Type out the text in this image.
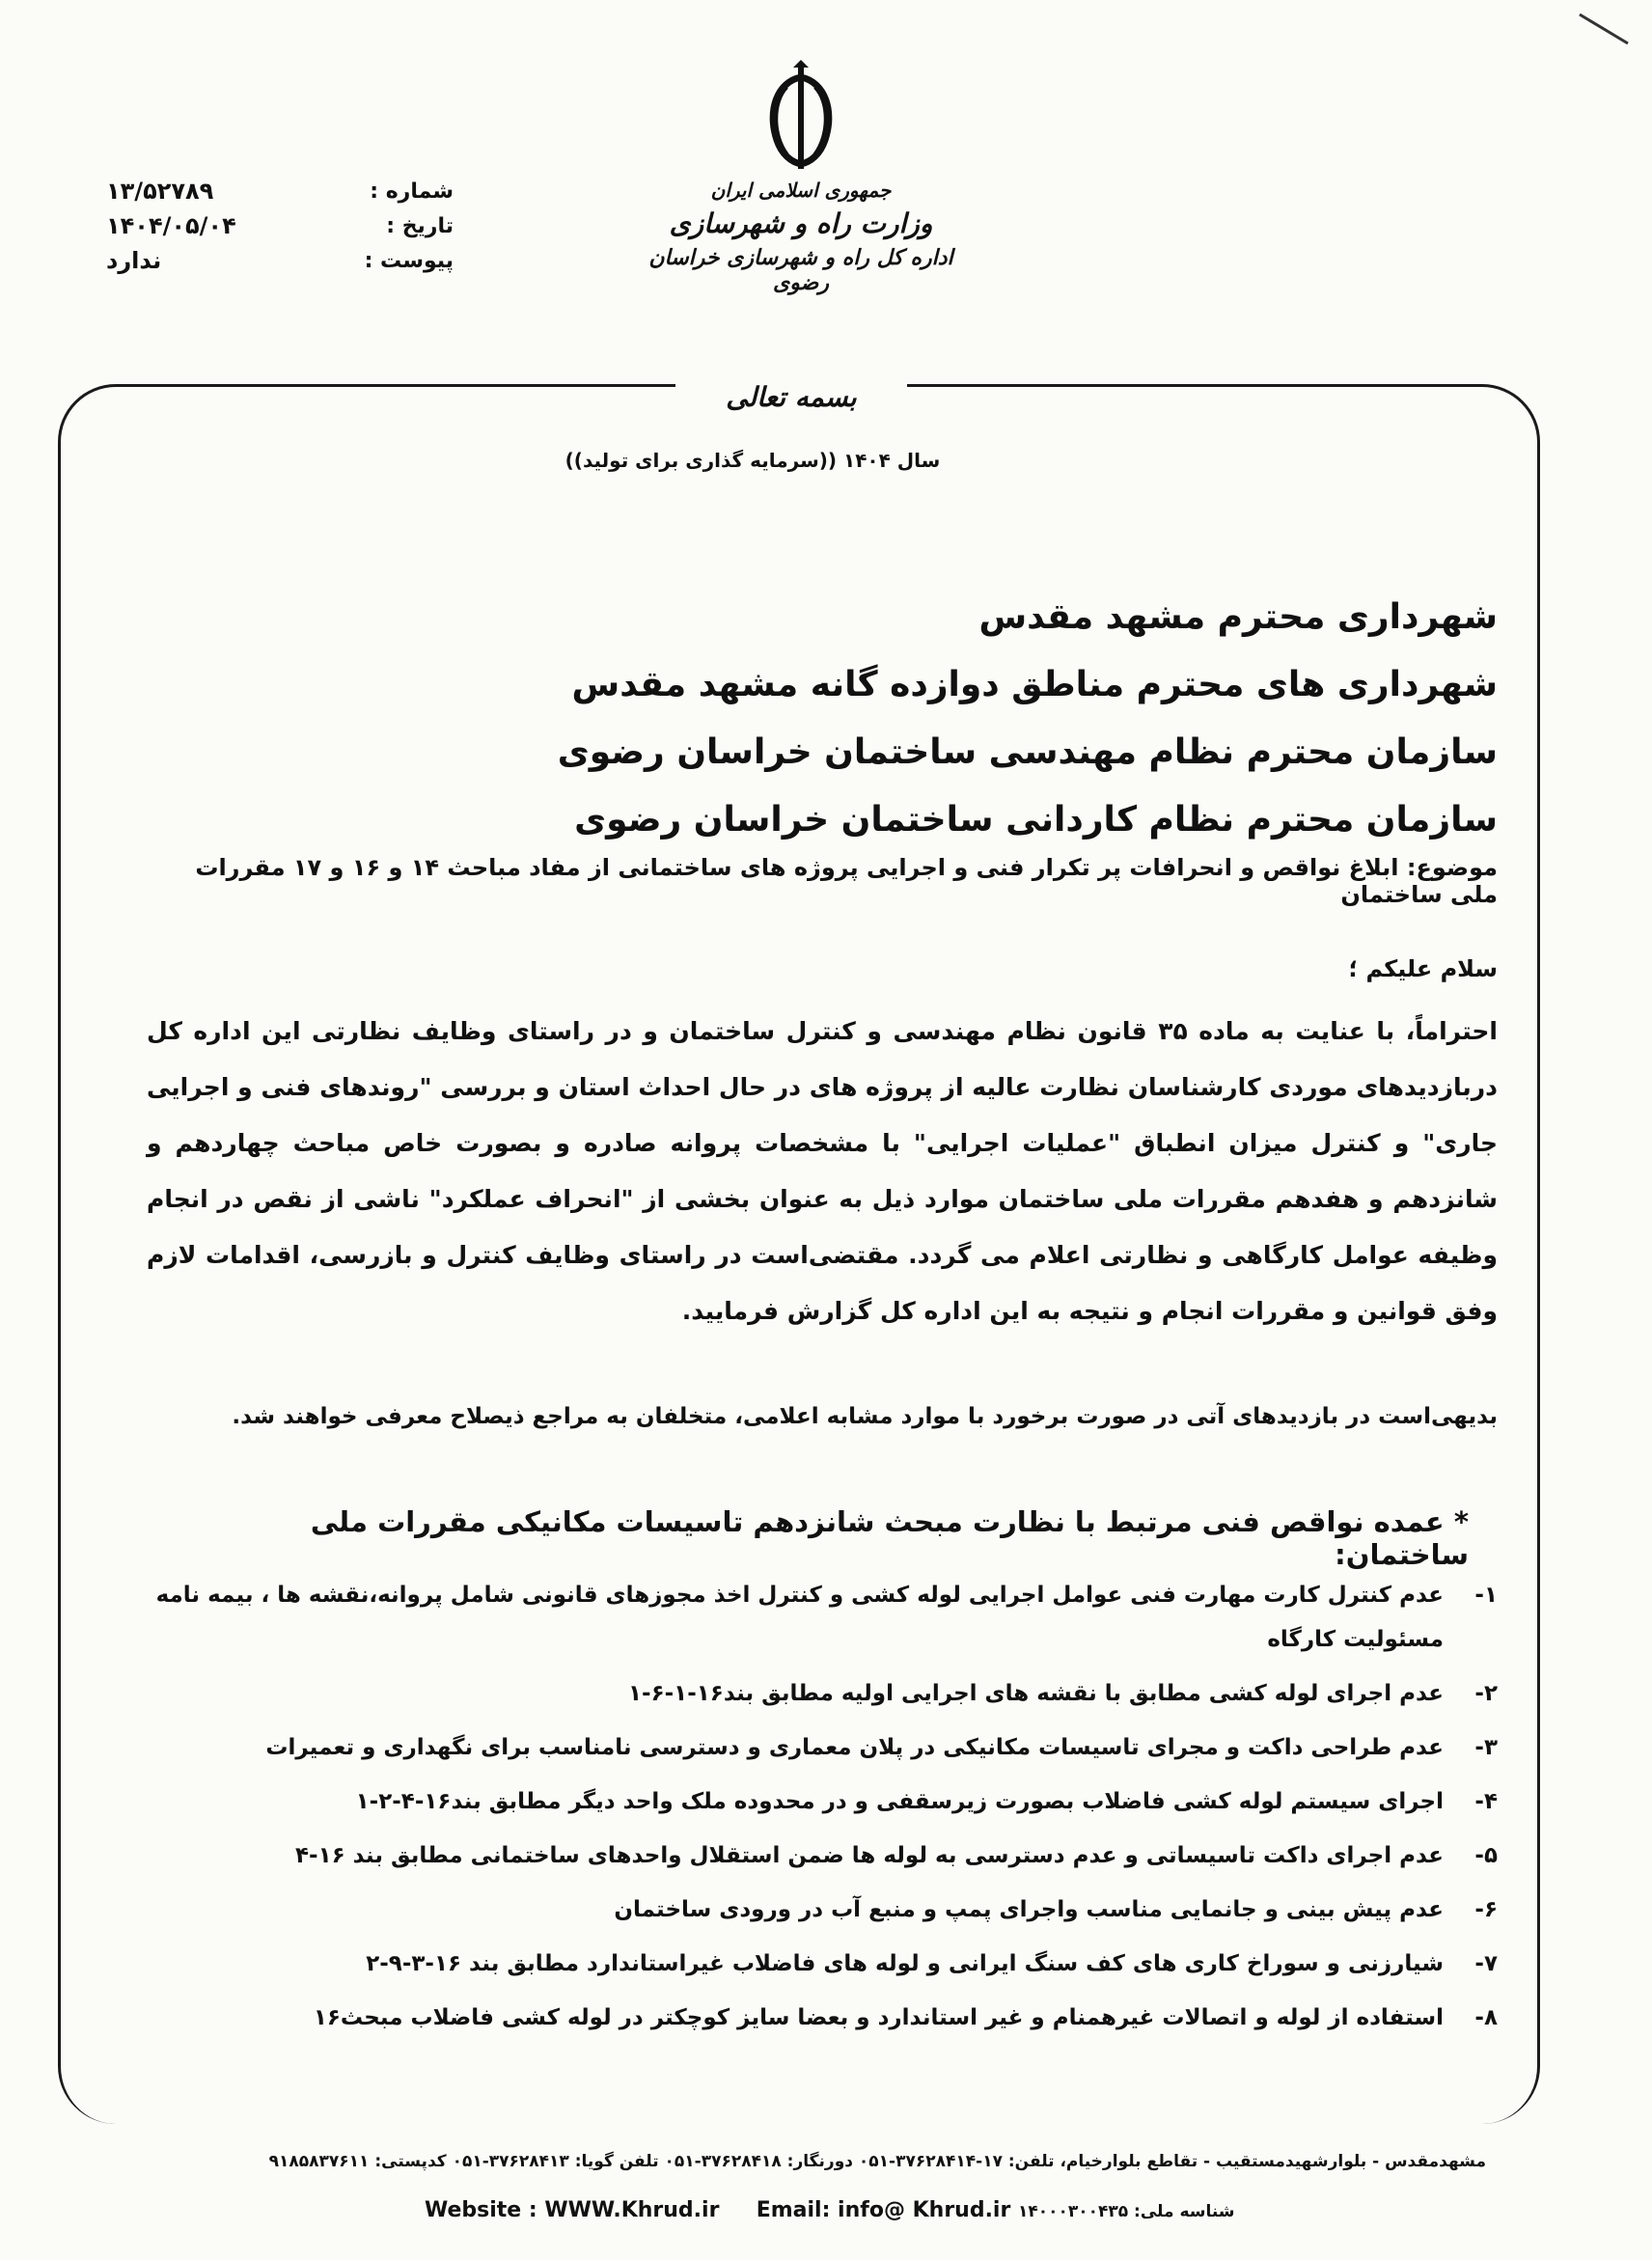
شماره :
۱۳/۵۲۷۸۹
تاریخ :
۱۴۰۴/۰۵/۰۴
پیوست :
ندارد
جمهوری اسلامی ایران
وزارت راه و شهرسازی
اداره کل راه و شهرسازی خراسان رضوی
بسمه تعالی
سال ۱۴۰۴ ((سرمایه گذاری برای تولید))
شهرداری محترم مشهد مقدس
شهرداری های محترم مناطق دوازده گانه مشهد مقدس
سازمان محترم نظام مهندسی ساختمان خراسان رضوی
سازمان محترم نظام کاردانی ساختمان خراسان رضوی
موضوع: ابلاغ نواقص و انحرافات پر تکرار فنی و اجرایی پروژه های ساختمانی از مفاد مباحث ۱۴ و ۱۶ و ۱۷ مقررات ملی ساختمان
سلام علیکم ؛
احتراماً، با عنایت به ماده ۳۵ قانون نظام مهندسی و کنترل ساختمان و در راستای وظایف نظارتی این اداره کل دربازدیدهای موردی کارشناسان نظارت عالیه از پروژه های در حال احداث استان و بررسی "روندهای فنی و اجرایی جاری" و کنترل میزان انطباق "عملیات اجرایی" با مشخصات پروانه صادره و بصورت خاص مباحث چهاردهم و شانزدهم و هفدهم مقررات ملی ساختمان موارد ذیل به عنوان بخشی از "انحراف عملکرد" ناشی از نقص در انجام وظیفه عوامل کارگاهی و نظارتی اعلام می گردد. مقتضی‌است در راستای وظایف کنترل و بازرسی، اقدامات لازم وفق قوانین و مقررات انجام و نتیجه به این اداره کل گزارش فرمایید.
بدیهی‌است در بازدیدهای آتی در صورت برخورد با موارد مشابه اعلامی، متخلفان به مراجع ذیصلاح معرفی خواهند شد.
* عمده نواقص فنی مرتبط با نظارت مبحث شانزدهم تاسیسات مکانیکی مقررات ملی ساختمان:
۱-
عدم کنترل کارت مهارت فنی عوامل اجرایی لوله کشی و کنترل اخذ مجوزهای قانونی شامل پروانه،نقشه ها ، بیمه نامه مسئولیت کارگاه
۲-
عدم اجرای لوله کشی مطابق با نقشه های اجرایی اولیه مطابق بند۱۶-۱-۶-۱
۳-
عدم طراحی داکت و مجرای تاسیسات مکانیکی در پلان معماری و دسترسی نامناسب برای نگهداری و تعمیرات
۴-
اجرای سیستم لوله کشی فاضلاب بصورت زیرسقفی و در محدوده ملک واحد دیگر مطابق بند۱۶-۴-۲-۱
۵-
عدم اجرای داکت تاسیساتی و عدم دسترسی به لوله ها ضمن استقلال واحدهای ساختمانی مطابق بند ۱۶-۴
۶-
عدم پیش بینی و جانمایی مناسب واجرای پمپ و منبع آب در ورودی ساختمان
۷-
شیارزنی و سوراخ کاری های کف سنگ ایرانی و لوله های فاضلاب غیراستاندارد مطابق بند ۱۶-۳-۹-۲
۸-
استفاده از لوله و اتصالات غیرهمنام و غیر استاندارد و بعضا سایز کوچکتر در لوله کشی فاضلاب مبحث۱۶
مشهدمقدس - بلوارشهیدمستقیب - تقاطع بلوارخیام، تلفن: ۱۷-۳۷۶۲۸۴۱۴-۰۵۱ دورنگار: ۳۷۶۲۸۴۱۸-۰۵۱ تلفن گویا: ۳۷۶۲۸۴۱۳-۰۵۱ کدپستی: ۹۱۸۵۸۳۷۶۱۱
Website : WWW.Khrud.ir Email: info@ Khrud.ir شناسه ملی: ۱۴۰۰۰۳۰۰۴۳۵
